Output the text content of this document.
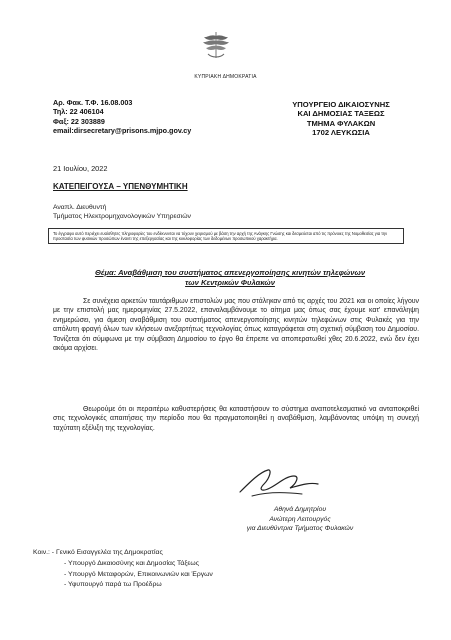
ΚΥΠΡΙΑΚΗ ΔΗΜΟΚΡΑΤΙΑ
Αρ. Φακ. Τ.Φ. 16.08.003
Τηλ: 22 406104
Φαξ: 22 303889
email:dirsecretary@prisons.mjpo.gov.cy
ΥΠΟΥΡΓΕΙΟ ΔΙΚΑΙΟΣΥΝΗΣ
ΚΑΙ ΔΗΜΟΣΙΑΣ ΤΑΞΕΩΣ
ΤΜΗΜΑ ΦΥΛΑΚΩΝ
1702 ΛΕΥΚΩΣΙΑ
21 Ιουλίου, 2022
ΚΑΤΕΠΕΙΓΟΥΣΑ – ΥΠΕΝΘΥΜΗΤΙΚΗ
Αναπλ. Διευθυντή
Τμήματος Ηλεκτρομηχανολογικών Υπηρεσιών
Το έγγραφο αυτό περιέχει ευαίσθητες πληροφορίες του ενδέκνυνται να τύχουν χειρισμού με βάση την αρχή της Ανάγκης Γνώσης και δεσμεύεται από τις πρόνοιες της Νομοθεσίας για την προστασία των φυσικών προσώπων έναντι της επεξεργασίας και της κυκλοφορίας των δεδομένων προσωπικού χαρακτήρα.
Θέμα: Αναβάθμιση του συστήματος απενεργοποίησης κινητών τηλεφώνων
των Κεντρικών Φυλακών
Σε συνέχεια αρκετών ταυτάριθμων επιστολών μας που στάληκαν από τις αρχές του 2021 και οι οποίες λήγουν με την επιστολή μας ημερομηνίας 27.5.2022, επαναλαμβάνουμε το αίτημα μας όπως σας έχουμε κατ' επανάληψη ενημερώσει, για άμεση αναβάθμιση του συστήματος απενεργοποίησης κινητών τηλεφώνων στις Φυλακές για την απόλυτη φραγή όλων των κλήσεων ανεξαρτήτως τεχνολογίας όπως καταγράφεται στη σχετική σύμβαση του Δημοσίου. Τονίζεται ότι σύμφωνα με την σύμβαση Δημοσίου το έργο θα έπρεπε να αποπερατωθεί χθες 20.6.2022, ενώ δεν έχει ακόμα αρχίσει.
Θεωρούμε ότι οι περαιτέρω καθυστερήσεις θα καταστήσουν το σύστημα αναποτελεσματικό να ανταποκριθεί στις τεχνολογικές απαιτήσεις την περίοδο που θα πραγματοποιηθεί η αναβάθμιση, λαμβάνοντας υπόψη τη συνεχή ταχύτατη εξέλιξη της τεχνολογίας.
Αθηνά Δημητρίου
Ανώτερη Λειτουργός
για Διευθύντρια Τμήματος Φυλακών
Κοιν.: - Γενικό Εισαγγελέα της Δημοκρατίας
- Υπουργό Δικαιοσύνης και Δημοσίας Τάξεως
- Υπουργό Μεταφορών, Επικοινωνιών και Έργων
- Υφυπουργό παρά τω Προέδρω
